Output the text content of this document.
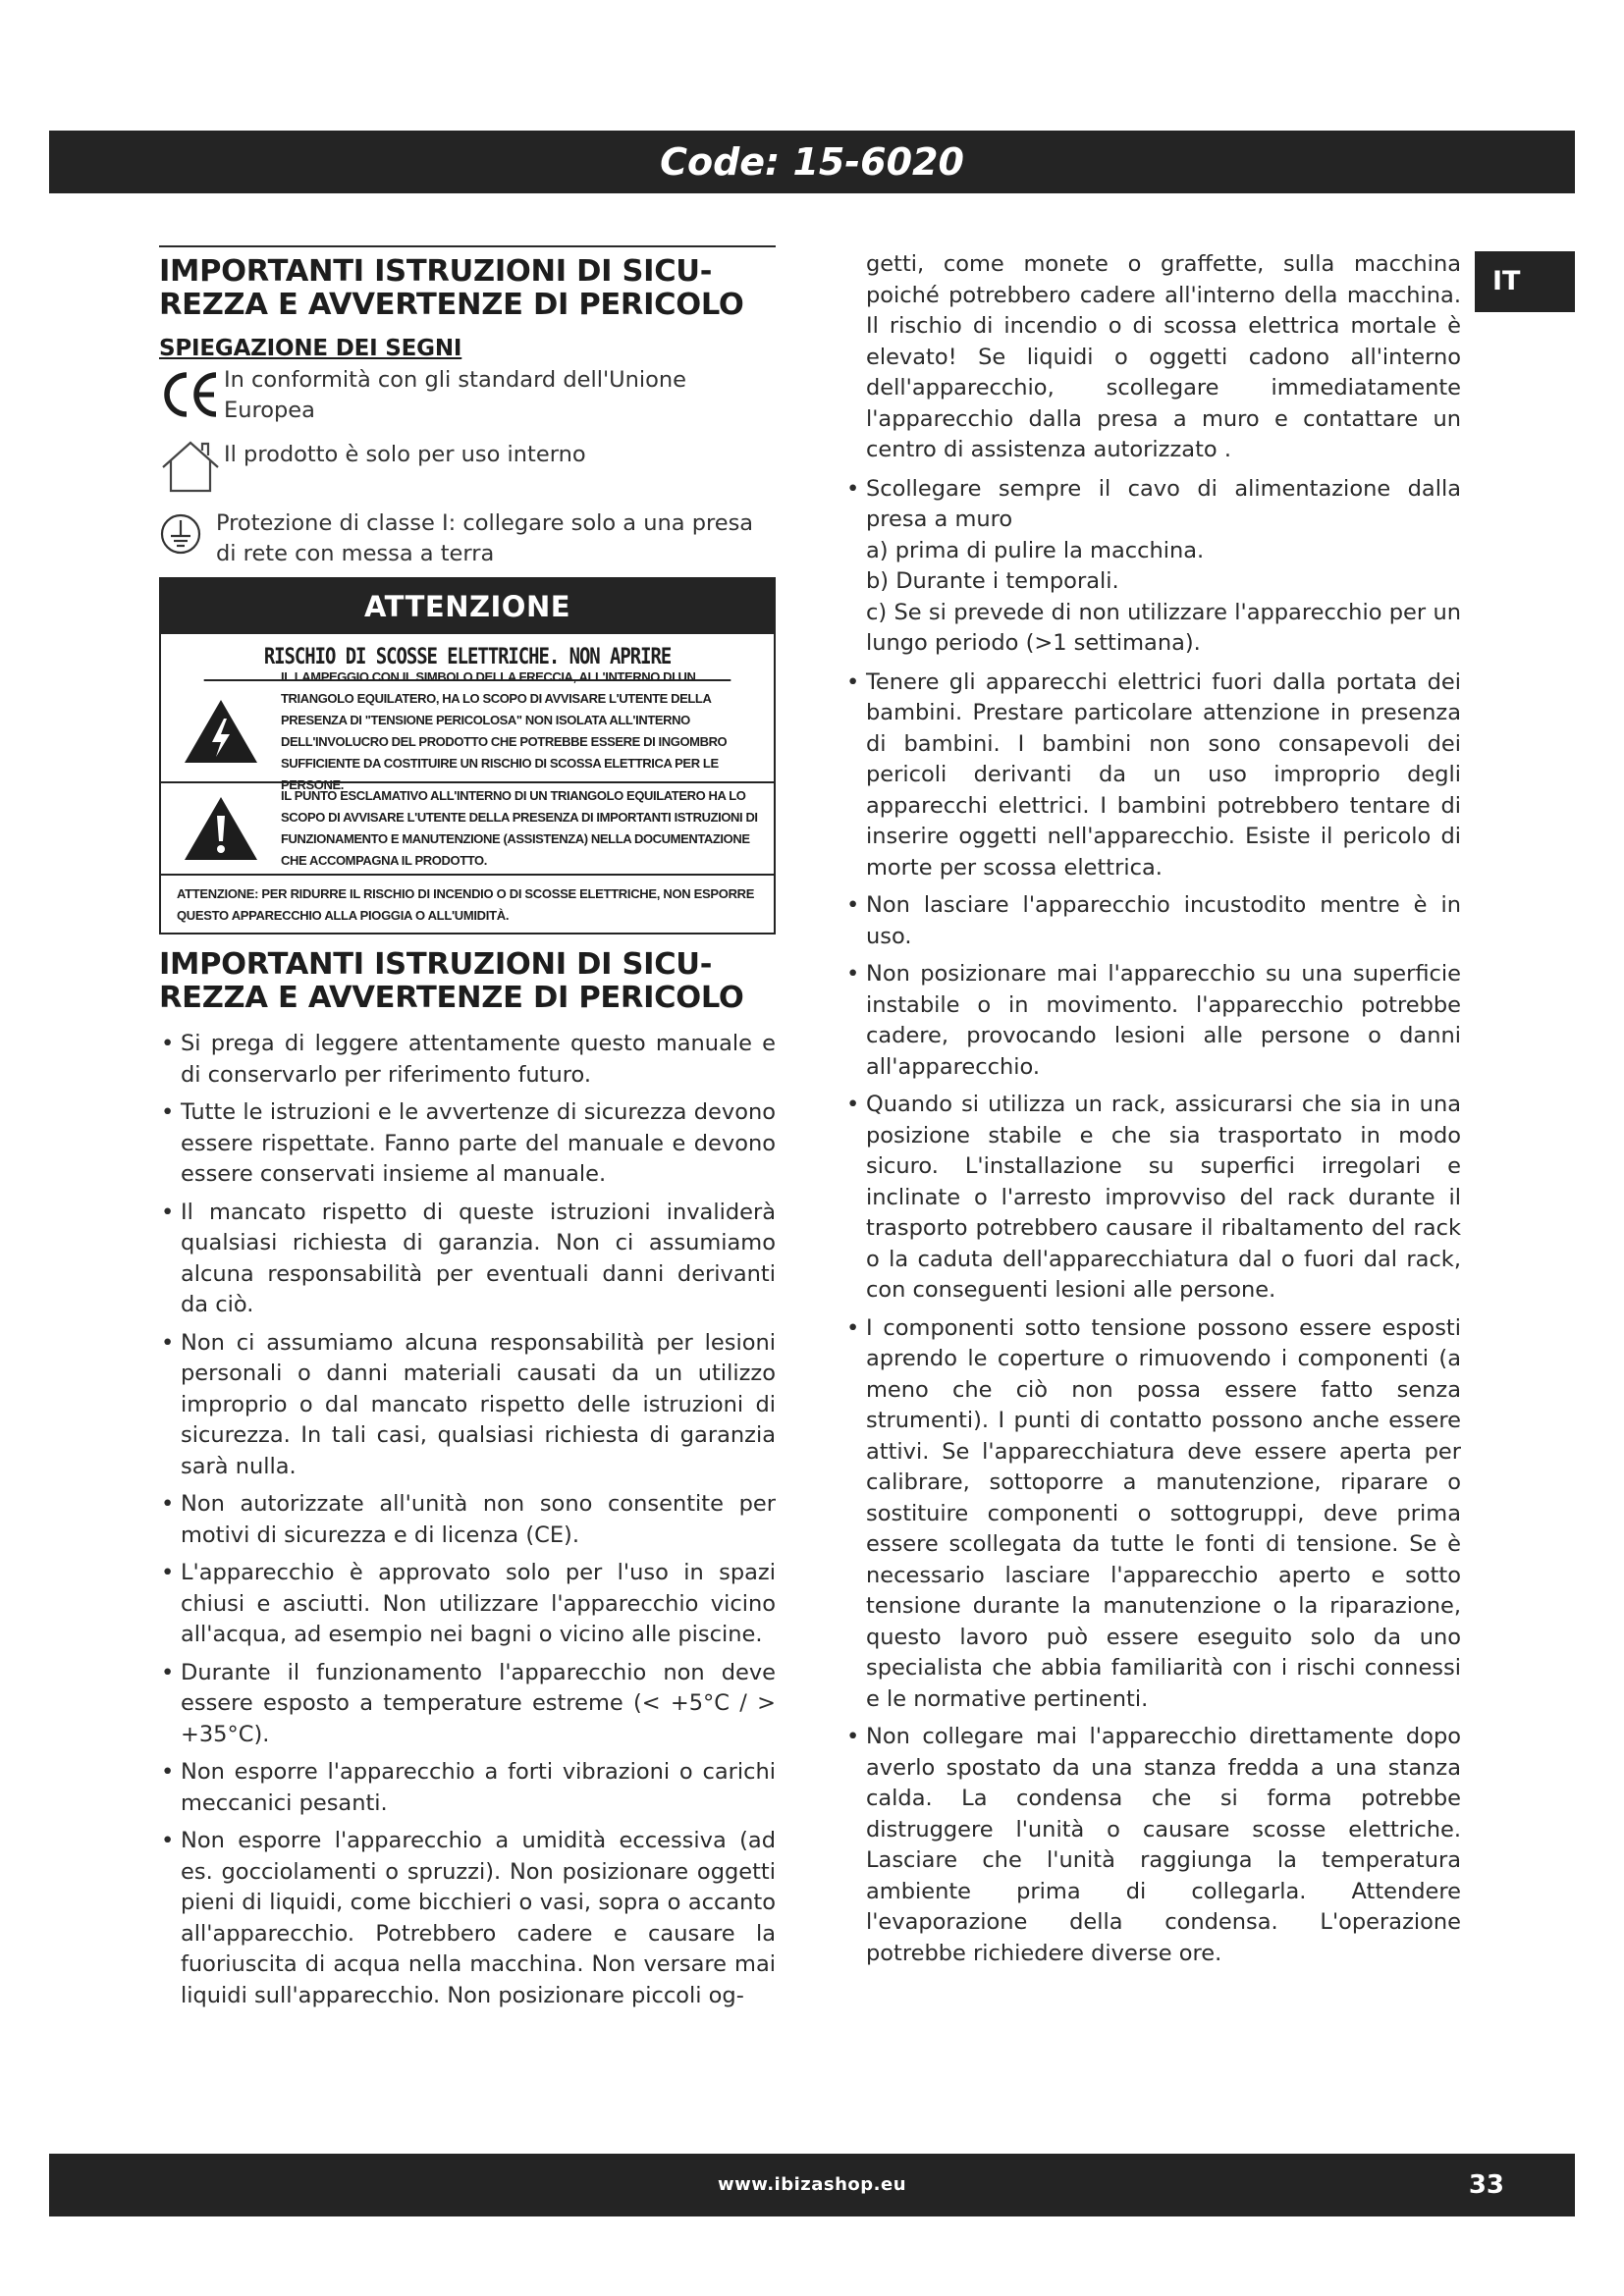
Code: 15-6020
IT
IMPORTANTI ISTRUZIONI DI SICU-
REZZA E AVVERTENZE DI PERICOLO
SPIEGAZIONE DEI SEGNI
In conformità con gli standard dell'Unione Europea
Il prodotto è solo per uso interno
Protezione di classe I: collegare solo a una presa di rete con messa a terra
ATTENZIONE
RISCHIO DI SCOSSE ELETTRICHE. NON APRIRE
IL LAMPEGGIO CON IL SIMBOLO DELLA FRECCIA, ALL'INTERNO DI UN TRIANGOLO EQUILATERO, HA LO SCOPO DI AVVISARE L'UTENTE DELLA PRESENZA DI "TENSIONE PERICOLOSA" NON ISOLATA ALL'INTERNO DELL'INVOLUCRO DEL PRODOTTO CHE POTREBBE ESSERE DI INGOMBRO SUFFICIENTE DA COSTITUIRE UN RISCHIO DI SCOSSA ELETTRICA PER LE PERSONE.
IL PUNTO ESCLAMATIVO ALL'INTERNO DI UN TRIANGOLO EQUILATERO HA LO SCOPO DI AVVISARE L'UTENTE DELLA PRESENZA DI IMPORTANTI ISTRUZIONI DI FUNZIONAMENTO E MANUTENZIONE (ASSISTENZA) NELLA DOCUMENTAZIONE CHE ACCOMPAGNA IL PRODOTTO.
ATTENZIONE: PER RIDURRE IL RISCHIO DI INCENDIO O DI SCOSSE ELETTRICHE, NON ESPORRE QUESTO APPARECCHIO ALLA PIOGGIA O ALL'UMIDITÀ.
IMPORTANTI ISTRUZIONI DI SICU-
REZZA E AVVERTENZE DI PERICOLO
• Si prega di leggere attentamente questo manuale e di conservarlo per riferimento futuro.
• Tutte le istruzioni e le avvertenze di sicurezza devono essere rispettate. Fanno parte del manuale e devono essere conservati insieme al manuale.
• Il mancato rispetto di queste istruzioni invaliderà qualsiasi richiesta di garanzia. Non ci assumiamo alcuna responsabilità per eventuali danni derivanti da ciò.
• Non ci assumiamo alcuna responsabilità per lesioni personali o danni materiali causati da un utilizzo improprio o dal mancato rispetto delle istruzioni di sicurezza. In tali casi, qualsiasi richiesta di garanzia sarà nulla.
• Non autorizzate all'unità non sono consentite per motivi di sicurezza e di licenza (CE).
• L'apparecchio è approvato solo per l'uso in spazi chiusi e asciutti. Non utilizzare l'apparecchio vicino all'acqua, ad esempio nei bagni o vicino alle piscine.
• Durante il funzionamento l'apparecchio non deve essere esposto a temperature estreme (< +5°C / > +35°C).
• Non esporre l'apparecchio a forti vibrazioni o carichi meccanici pesanti.
• Non esporre l'apparecchio a umidità eccessiva (ad es. gocciolamenti o spruzzi). Non posizionare oggetti pieni di liquidi, come bicchieri o vasi, sopra o accanto all'apparecchio. Potrebbero cadere e causare la fuoriuscita di acqua nella macchina. Non versare mai liquidi sull'apparecchio. Non posizionare piccoli og-
getti, come monete o graffette, sulla macchina poiché potrebbero cadere all'interno della macchina. Il rischio di incendio o di scossa elettrica mortale è elevato! Se liquidi o oggetti cadono all'interno dell'apparecchio, scollegare immediatamente l'apparecchio dalla presa a muro e contattare un centro di assistenza autorizzato .
• Scollegare sempre il cavo di alimentazione dalla presa a muro
a) prima di pulire la macchina.
b) Durante i temporali.
c) Se si prevede di non utilizzare l'apparecchio per un lungo periodo (>1 settimana).
• Tenere gli apparecchi elettrici fuori dalla portata dei bambini. Prestare particolare attenzione in presenza di bambini. I bambini non sono consapevoli dei pericoli derivanti da un uso improprio degli apparecchi elettrici. I bambini potrebbero tentare di inserire oggetti nell'apparecchio. Esiste il pericolo di morte per scossa elettrica.
• Non lasciare l'apparecchio incustodito mentre è in uso.
• Non posizionare mai l'apparecchio su una superficie instabile o in movimento. l'apparecchio potrebbe cadere, provocando lesioni alle persone o danni all'apparecchio.
• Quando si utilizza un rack, assicurarsi che sia in una posizione stabile e che sia trasportato in modo sicuro. L'installazione su superfici irregolari e inclinate o l'arresto improvviso del rack durante il trasporto potrebbero causare il ribaltamento del rack o la caduta dell'apparecchiatura dal o fuori dal rack, con conseguenti lesioni alle persone.
• I componenti sotto tensione possono essere esposti aprendo le coperture o rimuovendo i componenti (a meno che ciò non possa essere fatto senza strumenti). I punti di contatto possono anche essere attivi. Se l'apparecchiatura deve essere aperta per calibrare, sottoporre a manutenzione, riparare o sostituire componenti o sottogruppi, deve prima essere scollegata da tutte le fonti di tensione. Se è necessario lasciare l'apparecchio aperto e sotto tensione durante la manutenzione o la riparazione, questo lavoro può essere eseguito solo da uno specialista che abbia familiarità con i rischi connessi e le normative pertinenti.
• Non collegare mai l'apparecchio direttamente dopo averlo spostato da una stanza fredda a una stanza calda. La condensa che si forma potrebbe distruggere l'unità o causare scosse elettriche. Lasciare che l'unità raggiunga la temperatura ambiente prima di collegarla. Attendere l'evaporazione della condensa. L'operazione potrebbe richiedere diverse ore.
www.ibizashop.eu	33
